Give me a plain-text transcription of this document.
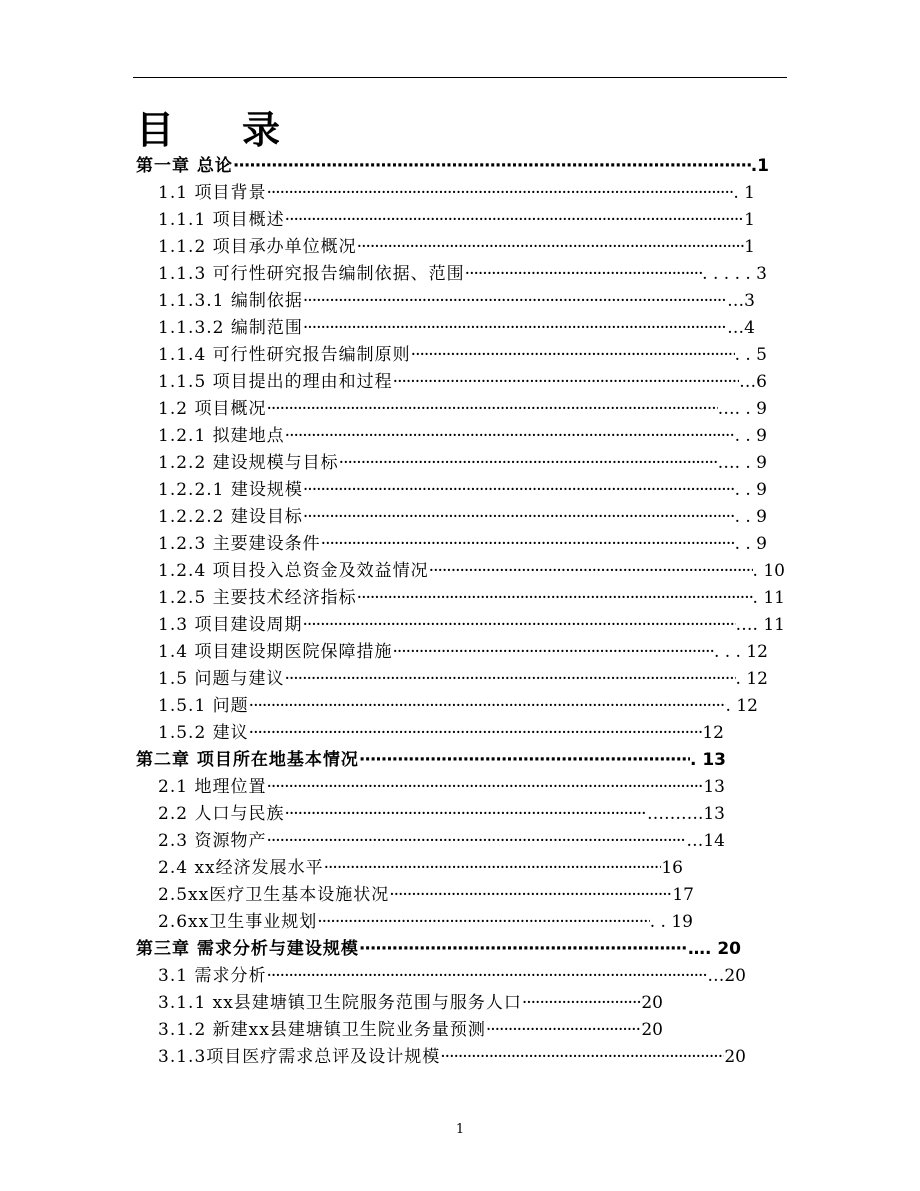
目 录
第一章 总论 ·····	.1
1.1 项目背景 ·····	. 1
1.1.1 项目概述 ·····	1
1.1.2 项目承办单位概况 ·····	1
1.1.3 可行性研究报告编制依据、范围 ·····	. . . . . 3
1.1.3.1 编制依据 ·····	…3
1.1.3.2 编制范围 ·····	…4
1.1.4 可行性研究报告编制原则 ·····	. . 5
1.1.5 项目提出的理由和过程 ·····	…6
1.2 项目概况 ·····	…. . 9
1.2.1 拟建地点 ·····	. . 9
1.2.2 建设规模与目标 ·····	…. . 9
1.2.2.1 建设规模 ·····	. . 9
1.2.2.2 建设目标 ·····	. . 9
1.2.3 主要建设条件 ·····	. . 9
1.2.4 项目投入总资金及效益情况 ·····	. 10
1.2.5 主要技术经济指标 ·····	. 11
1.3 项目建设周期 ·····	…. 11
1.4 项目建设期医院保障措施 ·····	. . . 12
1.5 问题与建议 ·····	. 12
1.5.1 问题 ·····	. 12
1.5.2 建议 ·····	12
第二章 项目所在地基本情况 ·····	. 13
2.1 地理位置 ·····	13
2.2 人口与民族 ·····	……….13
2.3 资源物产 ·····	…14
2.4 xx经济发展水平 ·····	16
2.5xx医疗卫生基本设施状况 ·····	17
2.6xx卫生事业规划 ·····	. . 19
第三章 需求分析与建设规模 ·····	…. 20
3.1 需求分析 ·····	…20
3.1.1 xx县建塘镇卫生院服务范围与服务人口 ·····	20
3.1.2 新建xx县建塘镇卫生院业务量预测 ·····	20
3.1.3项目医疗需求总评及设计规模 ·····	20
1
